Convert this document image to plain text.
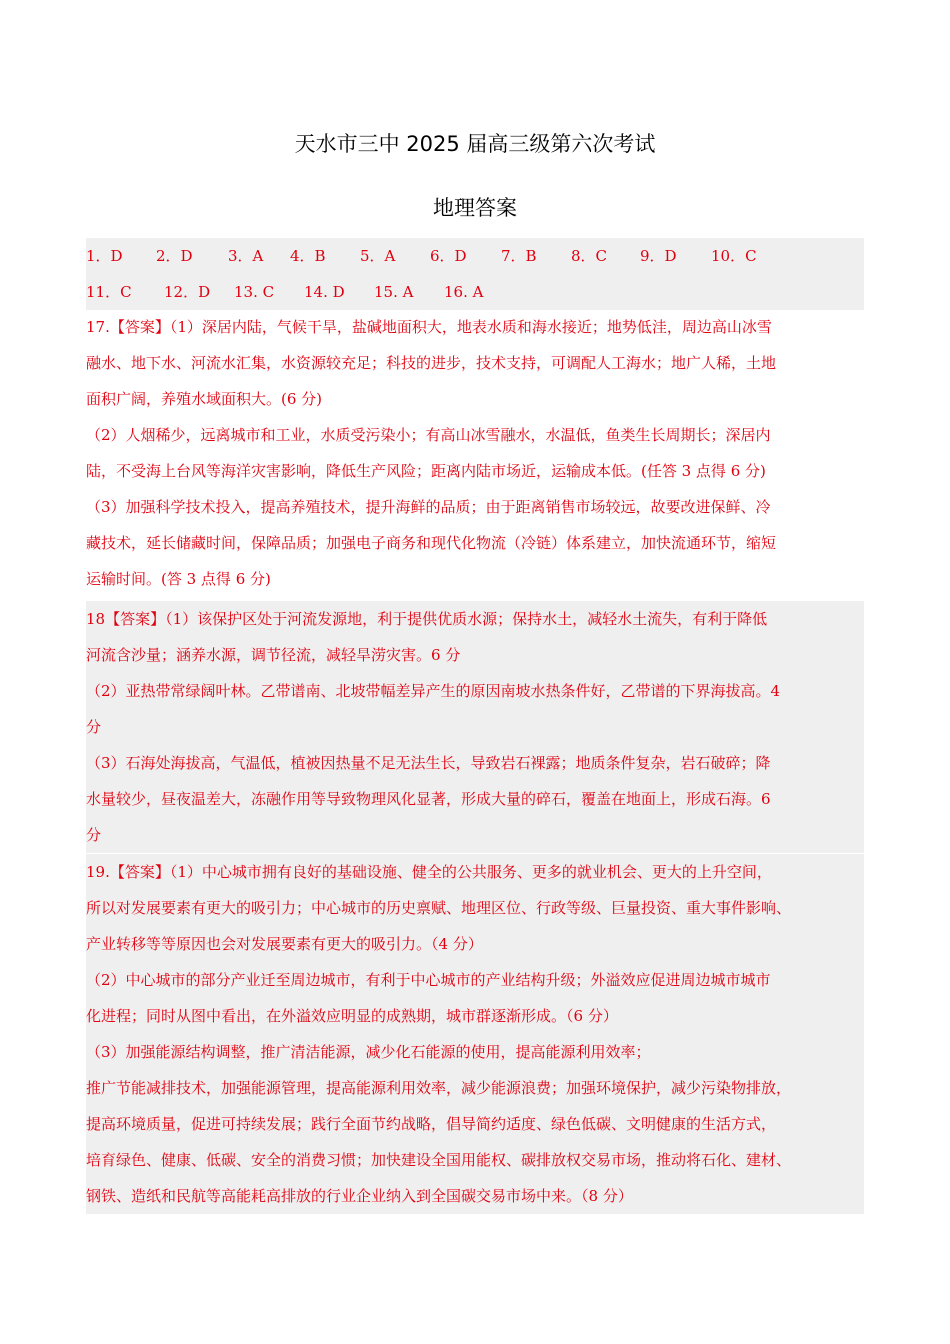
天水市三中 2025 届高三级第六次考试
地理答案
1．D 2．D 3．A 4．B 5．A 6．D 7．B 8．C 9．D 10．C
11．C 12．D 13. C 14. D 15. A 16. A
17.【答案】（1）深居内陆，气候干旱，盐碱地面积大，地表水质和海水接近；地势低洼，周边高山冰雪
融水、地下水、河流水汇集，水资源较充足；科技的进步，技术支持，可调配人工海水；地广人稀，土地
面积广阔，养殖水域面积大。(6 分)
（2）人烟稀少，远离城市和工业，水质受污染小；有高山冰雪融水，水温低，鱼类生长周期长；深居内
陆，不受海上台风等海洋灾害影响，降低生产风险；距离内陆市场近，运输成本低。(任答 3 点得 6 分)
（3）加强科学技术投入，提高养殖技术，提升海鲜的品质；由于距离销售市场较远，故要改进保鲜、冷
藏技术，延长储藏时间，保障品质；加强电子商务和现代化物流（冷链）体系建立，加快流通环节，缩短
运输时间。(答 3 点得 6 分)
18【答案】（1）该保护区处于河流发源地，利于提供优质水源；保持水土，减轻水土流失，有利于降低
河流含沙量；涵养水源，调节径流，减轻旱涝灾害。6 分
（2）亚热带常绿阔叶林。乙带谱南、北坡带幅差异产生的原因南坡水热条件好，乙带谱的下界海拔高。4
分
（3）石海处海拔高，气温低，植被因热量不足无法生长，导致岩石裸露；地质条件复杂，岩石破碎；降
水量较少，昼夜温差大，冻融作用等导致物理风化显著，形成大量的碎石，覆盖在地面上，形成石海。6
分
19.【答案】（1）中心城市拥有良好的基础设施、健全的公共服务、更多的就业机会、更大的上升空间，
所以对发展要素有更大的吸引力；中心城市的历史禀赋、地理区位、行政等级、巨量投资、重大事件影响、
产业转移等等原因也会对发展要素有更大的吸引力。（4 分）
（2）中心城市的部分产业迁至周边城市，有利于中心城市的产业结构升级；外溢效应促进周边城市城市
化进程；同时从图中看出，在外溢效应明显的成熟期，城市群逐渐形成。（6 分）
（3）加强能源结构调整，推广清洁能源，减少化石能源的使用，提高能源利用效率；
推广节能减排技术，加强能源管理，提高能源利用效率，减少能源浪费；加强环境保护，减少污染物排放，
提高环境质量，促进可持续发展；践行全面节约战略，倡导简约适度、绿色低碳、文明健康的生活方式，
培育绿色、健康、低碳、安全的消费习惯；加快建设全国用能权、碳排放权交易市场，推动将石化、建材、
钢铁、造纸和民航等高能耗高排放的行业企业纳入到全国碳交易市场中来。（8 分）
